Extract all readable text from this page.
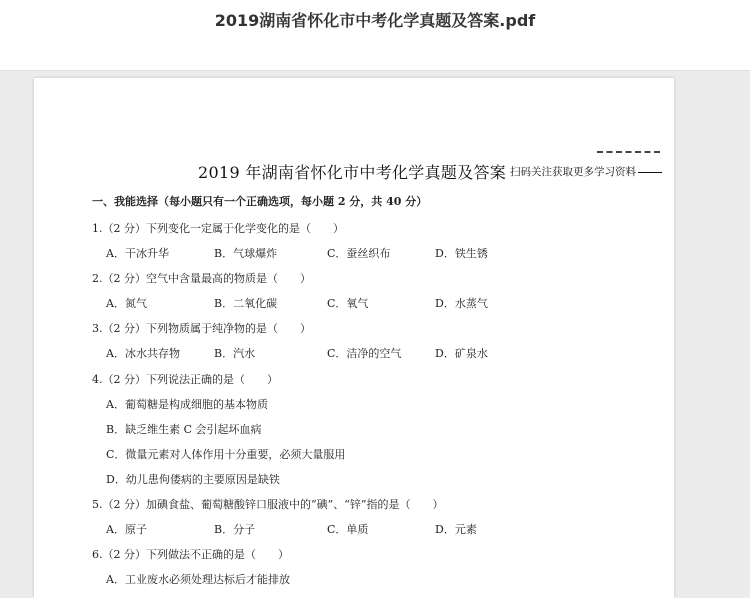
2019湖南省怀化市中考化学真题及答案.pdf
2019 年湖南省怀化市中考化学真题及答案 扫码关注获取更多学习资料
一、我能选择（每小题只有一个正确选项，每小题 2 分，共 40 分）
1.（2 分）下列变化一定属于化学变化的是（　　）
A．干冰升华	B．气球爆炸	C．蚕丝织布	D．铁生锈
2.（2 分）空气中含量最高的物质是（　　）
A．氮气	B．二氧化碳	C．氧气	D．水蒸气
3.（2 分）下列物质属于纯净物的是（　　）
A．冰水共存物	B．汽水	C．洁净的空气	D．矿泉水
4.（2 分）下列说法正确的是（　　）
A．葡萄糖是构成细胞的基本物质
B．缺乏维生素 C 会引起坏血病
C．微量元素对人体作用十分重要，必须大量服用
D．幼儿患佝偻病的主要原因是缺铁
5.（2 分）加碘食盐、葡萄糖酸锌口服液中的“碘”、“锌”指的是（　　）
A．原子	B．分子	C．单质	D．元素
6.（2 分）下列做法不正确的是（　　）
A．工业废水必须处理达标后才能排放
